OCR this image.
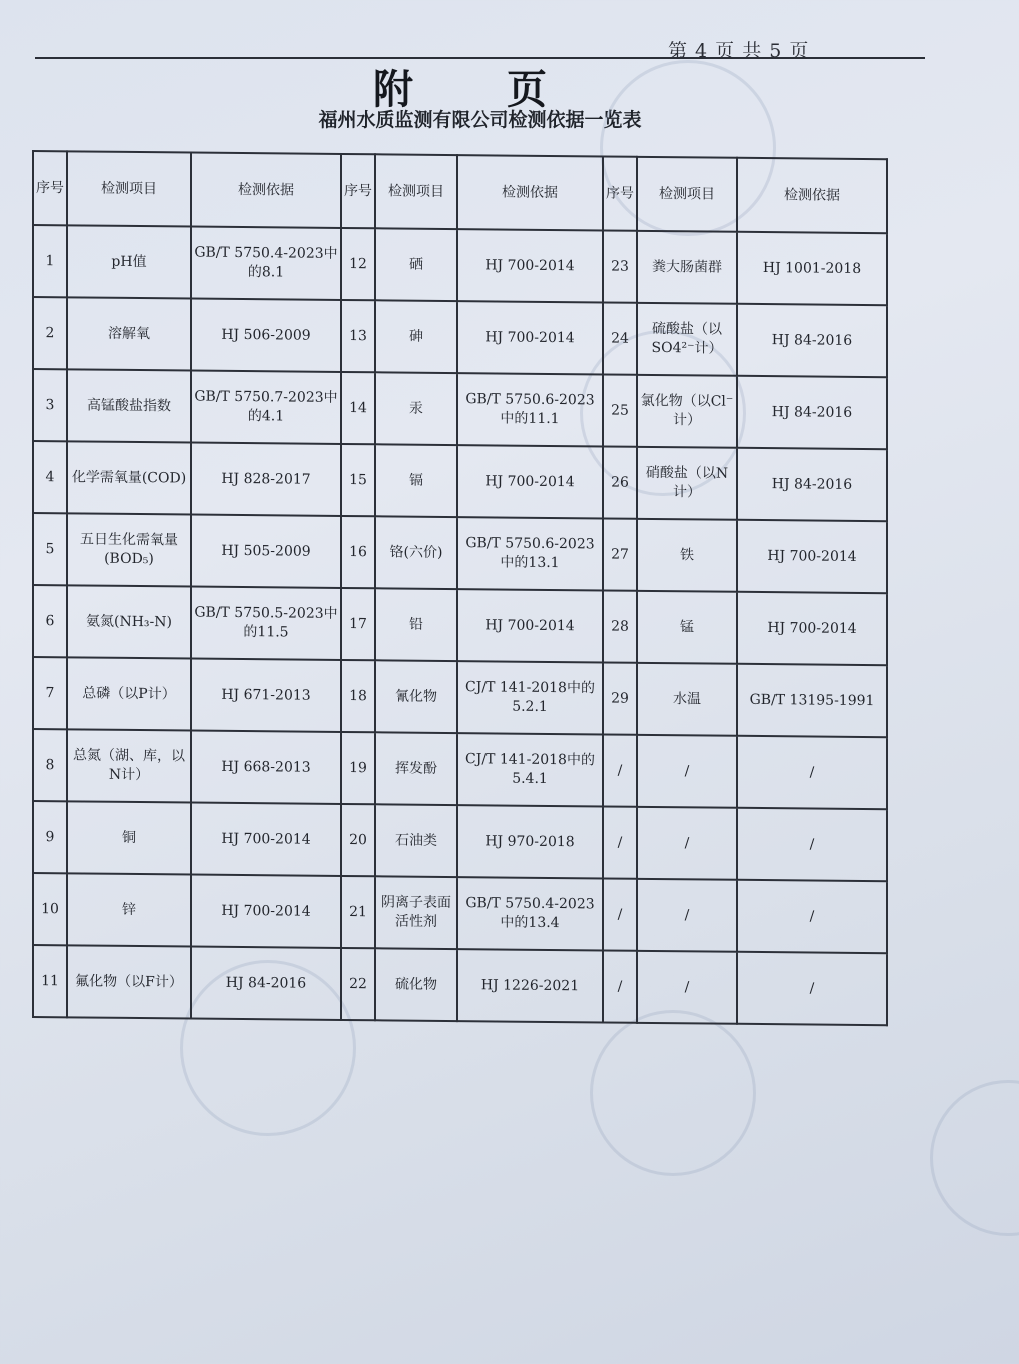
第 4 页 共 5 页
附 页
福州水质监测有限公司检测依据一览表
序号	检测项目	检测依据	序号	检测项目	检测依据	序号	检测项目	检测依据
1	pH值	GB/T 5750.4-2023中的8.1	12	硒	HJ 700-2014	23	粪大肠菌群	HJ 1001-2018
2	溶解氧	HJ 506-2009	13	砷	HJ 700-2014	24	硫酸盐（以SO4²⁻计）	HJ 84-2016
3	高锰酸盐指数	GB/T 5750.7-2023中的4.1	14	汞	GB/T 5750.6-2023中的11.1	25	氯化物（以Cl⁻计）	HJ 84-2016
4	化学需氧量(COD)	HJ 828-2017	15	镉	HJ 700-2014	26	硝酸盐（以N计）	HJ 84-2016
5	五日生化需氧量(BOD₅)	HJ 505-2009	16	铬(六价)	GB/T 5750.6-2023中的13.1	27	铁	HJ 700-2014
6	氨氮(NH₃-N)	GB/T 5750.5-2023中的11.5	17	铅	HJ 700-2014	28	锰	HJ 700-2014
7	总磷（以P计）	HJ 671-2013	18	氰化物	CJ/T 141-2018中的5.2.1	29	水温	GB/T 13195-1991
8	总氮（湖、库，以N计）	HJ 668-2013	19	挥发酚	CJ/T 141-2018中的5.4.1	/	/	/
9	铜	HJ 700-2014	20	石油类	HJ 970-2018	/	/	/
10	锌	HJ 700-2014	21	阴离子表面活性剂	GB/T 5750.4-2023中的13.4	/	/	/
11	氟化物（以F计）	HJ 84-2016	22	硫化物	HJ 1226-2021	/	/	/
